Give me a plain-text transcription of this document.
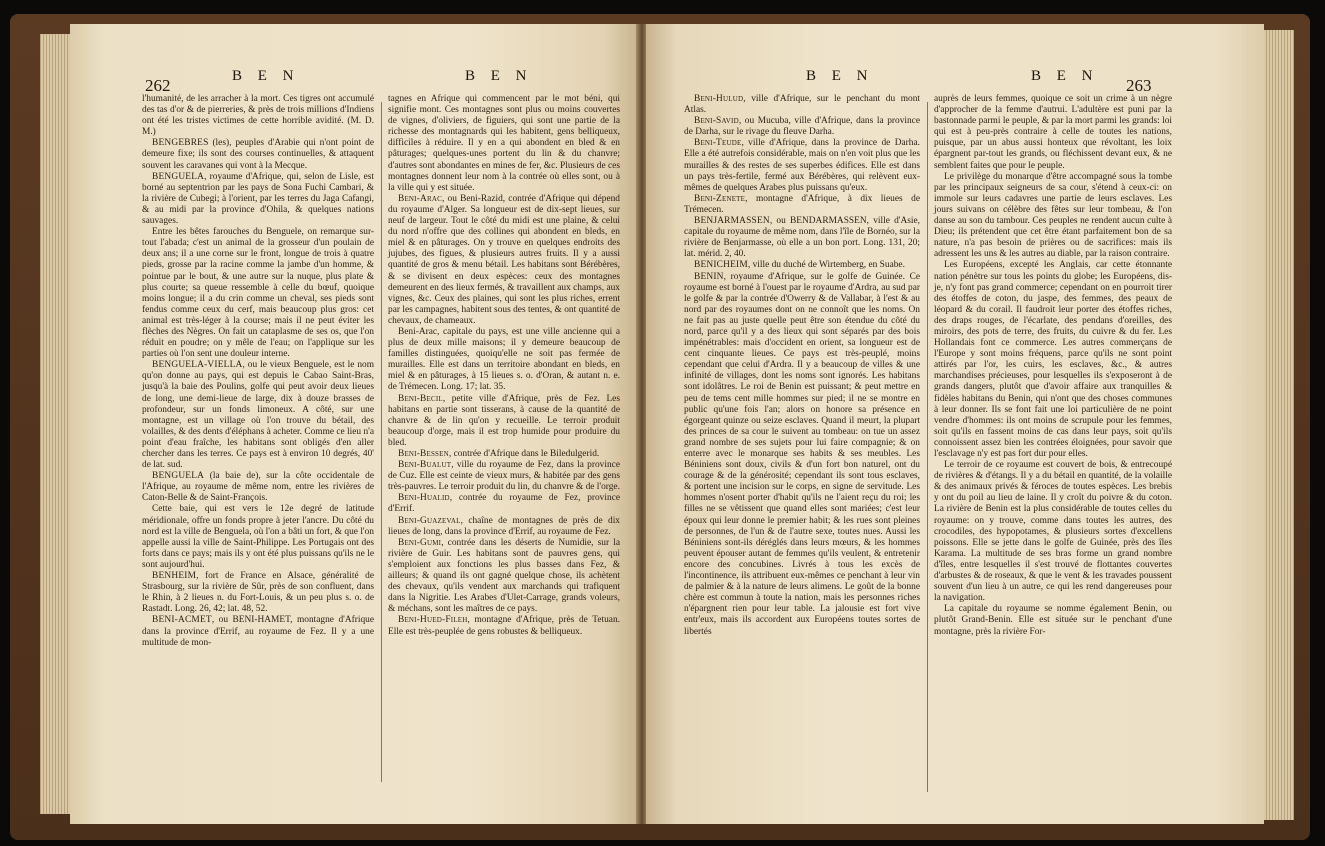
262	B E N	B E N

l'humanité, de les arracher à la mort. Ces tigres ont accumulé des tas d'or & de pierreries, & près de trois millions d'Indiens ont été les tristes victimes de cette horrible avidité. (M. D. M.)

BENGEBRES (les), peuples d'Arabie qui n'ont point de demeure fixe; ils sont des courses continuelles, & attaquent souvent les caravanes qui vont à la Mecque.

BENGUELA, royaume d'Afrique, qui, selon de Lisle, est borné au septentrion par les pays de Sona Fuchi Cambari, & la rivière de Cubegi; à l'orient, par les terres du Jaga Cafangi, & au midi par la province d'Ohila, & quelques nations sauvages.

Entre les bêtes farouches du Benguele, on remarque sur-tout l'abada; c'est un animal de la grosseur d'un poulain de deux ans; il a une corne sur le front, longue de trois à quatre pieds, grosse par la racine comme la jambe d'un homme, & pointue par le bout, & une autre sur la nuque, plus plate & plus courte; sa queue ressemble à celle du bœuf, quoique moins longue; il a du crin comme un cheval, ses pieds sont fendus comme ceux du cerf, mais beaucoup plus gros: cet animal est très-léger à la course; mais il ne peut éviter les flèches des Nègres. On fait un cataplasme de ses os, que l'on réduit en poudre; on y mêle de l'eau; on l'applique sur les parties où l'on sent une douleur interne.

BENGUELA-VIELLA, ou le vieux Benguele, est le nom qu'on donne au pays, qui est depuis le Cabao Saint-Bras, jusqu'à la baie des Poulins, golfe qui peut avoir deux lieues de long, une demi-lieue de large, dix à douze brasses de profondeur, sur un fonds limoneux. A côté, sur une montagne, est un village où l'on trouve du bétail, des volailles, & des dents d'éléphans à acheter. Comme ce lieu n'a point d'eau fraîche, les habitans sont obligés d'en aller chercher dans les terres. Ce pays est à environ 10 degrés, 40' de lat. sud.

BENGUELA (la baie de), sur la côte occidentale de l'Afrique, au royaume de même nom, entre les rivières de Caton-Belle & de Saint-François.

Cette baie, qui est vers le 12e degré de latitude méridionale, offre un fonds propre à jeter l'ancre. Du côté du nord est la ville de Benguela, où l'on a bâti un fort, & que l'on appelle aussi la ville de Saint-Philippe. Les Portugais ont des forts dans ce pays; mais ils y ont été plus puissans qu'ils ne le sont aujourd'hui.

BENHEIM, fort de France en Alsace, généralité de Strasbourg, sur la rivière de Sûr, près de son confluent, dans le Rhin, à 2 lieues n. du Fort-Louis, & un peu plus s. o. de Rastadt. Long. 26, 42; lat. 48, 52.

BENI-ACMET, ou BENI-HAMET, montagne d'Afrique dans la province d'Errif, au royaume de Fez. Il y a une multitude de mon-

tagnes en Afrique qui commencent par le mot béni, qui signifie mont. Ces montagnes sont plus ou moins couvertes de vignes, d'oliviers, de figuiers, qui sont une partie de la richesse des montagnards qui les habitent, gens belliqueux, difficiles à réduire. Il y en a qui abondent en bled & en pâturages; quelques-unes portent du lin & du chanvre; d'autres sont abondantes en mines de fer, &c. Plusieurs de ces montagnes donnent leur nom à la contrée où elles sont, ou à la ville qui y est située.

Beni-Arac, ou Beni-Razid, contrée d'Afrique qui dépend du royaume d'Alger. Sa longueur est de dix-sept lieues, sur neuf de largeur. Tout le côté du midi est une plaine, & celui du nord n'offre que des collines qui abondent en bleds, en miel & en pâturages. On y trouve en quelques endroits des jujubes, des figues, & plusieurs autres fruits. Il y a aussi quantité de gros & menu bétail. Les habitans sont Bérébères, & se divisent en deux espèces: ceux des montagnes demeurent en des lieux fermés, & travaillent aux champs, aux vignes, &c. Ceux des plaines, qui sont les plus riches, errent par les campagnes, habitent sous des tentes, & ont quantité de chevaux, de chameaux.

Beni-Arac, capitale du pays, est une ville ancienne qui a plus de deux mille maisons; il y demeure beaucoup de familles distinguées, quoiqu'elle ne soit pas fermée de murailles. Elle est dans un territoire abondant en bleds, en miel & en pâturages, à 15 lieues s. o. d'Oran, & autant n. e. de Trémecen. Long. 17; lat. 35.

Beni-Becil, petite ville d'Afrique, près de Fez. Les habitans en partie sont tisserans, à cause de la quantité de chanvre & de lin qu'on y recueille. Le terroir produit beaucoup d'orge, mais il est trop humide pour produire du bled.

Beni-Bessen, contrée d'Afrique dans le Biledulgerid.

Beni-Bualut, ville du royaume de Fez, dans la province de Cuz. Elle est ceinte de vieux murs, & habitée par des gens très-pauvres. Le terroir produit du lin, du chanvre & de l'orge.

Beni-Hualid, contrée du royaume de Fez, province d'Errif.

Beni-Guazeval, chaîne de montagnes de près de dix lieues de long, dans la province d'Errif, au royaume de Fez.

Beni-Gumi, contrée dans les déserts de Numidie, sur la rivière de Guir. Les habitans sont de pauvres gens, qui s'emploient aux fonctions les plus basses dans Fez, & ailleurs; & quand ils ont gagné quelque chose, ils achètent des chevaux, qu'ils vendent aux marchands qui trafiquent dans la Nigritie. Les Arabes d'Ulet-Carrage, grands voleurs, & méchans, sont les maîtres de ce pays.

Beni-Hued-Fileh, montagne d'Afrique, près de Tetuan. Elle est très-peuplée de gens robustes & belliqueux.

B E N	B E N 263

Beni-Hulud, ville d'Afrique, sur le penchant du mont Atlas.

Beni-Savid, ou Mucuba, ville d'Afrique, dans la province de Darha, sur le rivage du fleuve Darha.

Beni-Teude, ville d'Afrique, dans la province de Darha. Elle a été autrefois considérable, mais on n'en voit plus que les murailles & des restes de ses superbes édifices. Elle est dans un pays très-fertile, fermé aux Bérébères, qui relèvent eux-mêmes de quelques Arabes plus puissans qu'eux.

Beni-Zenete, montagne d'Afrique, à dix lieues de Trémecen.

BENJARMASSEN, ou BENDARMASSEN, ville d'Asie, capitale du royaume de même nom, dans l'île de Bornéo, sur la rivière de Benjarmasse, où elle a un bon port. Long. 131, 20; lat. mérid. 2, 40.

BENICHEIM, ville du duché de Wirtemberg, en Suabe.

BENIN, royaume d'Afrique, sur le golfe de Guinée. Ce royaume est borné à l'ouest par le royaume d'Ardra, au sud par le golfe & par la contrée d'Owerry & de Vallabar, à l'est & au nord par des royaumes dont on ne connoît que les noms. On ne fait pas au juste quelle peut être son étendue du côté du nord, parce qu'il y a des lieux qui sont séparés par des bois impénétrables: mais d'occident en orient, sa longueur est de cent cinquante lieues. Ce pays est très-peuplé, moins cependant que celui d'Ardra. Il y a beaucoup de villes & une infinité de villages, dont les noms sont ignorés. Les habitans sont idolâtres. Le roi de Benin est puissant; & peut mettre en peu de tems cent mille hommes sur pied; il ne se montre en public qu'une fois l'an; alors on honore sa présence en égorgeant quinze ou seize esclaves. Quand il meurt, la plupart des princes de sa cour le suivent au tombeau: on tue un assez grand nombre de ses sujets pour lui faire compagnie; & on enterre avec le monarque ses habits & ses meubles. Les Béniniens sont doux, civils & d'un fort bon naturel, ont du courage & de la générosité; cependant ils sont tous esclaves, & portent une incision sur le corps, en signe de servitude. Les hommes n'osent porter d'habit qu'ils ne l'aient reçu du roi; les filles ne se vêtissent que quand elles sont mariées; c'est leur époux qui leur donne le premier habit; & les rues sont pleines de personnes, de l'un & de l'autre sexe, toutes nues. Aussi les Béniniens sont-ils déréglés dans leurs mœurs, & les hommes peuvent épouser autant de femmes qu'ils veulent, & entretenir encore des concubines. Livrés à tous les excès de l'incontinence, ils attribuent eux-mêmes ce penchant à leur vin de palmier & à la nature de leurs alimens. Le goût de la bonne chère est commun à toute la nation, mais les personnes riches n'épargnent rien pour leur table. La jalousie est fort vive entr'eux, mais ils accordent aux Européens toutes sortes de libertés

auprès de leurs femmes, quoique ce soit un crime à un nègre d'approcher de la femme d'autrui. L'adultère est puni par la bastonnade parmi le peuple, & par la mort parmi les grands: loi qui est à peu-près contraire à celle de toutes les nations, puisque, par un abus aussi honteux que révoltant, les loix épargnent par-tout les grands, ou fléchissent devant eux, & ne semblent faites que pour le peuple.

Le privilège du monarque d'être accompagné sous la tombe par les principaux seigneurs de sa cour, s'étend à ceux-ci: on immole sur leurs cadavres une partie de leurs esclaves. Les jours suivans on célèbre des fêtes sur leur tombeau, & l'on danse au son du tambour. Ces peuples ne rendent aucun culte à Dieu; ils prétendent que cet être étant parfaitement bon de sa nature, n'a pas besoin de prières ou de sacrifices: mais ils adressent les uns & les autres au diable, par la raison contraire.

Les Européens, excepté les Anglais, car cette étonnante nation pénètre sur tous les points du globe; les Européens, dis-je, n'y font pas grand commerce; cependant on en pourroit tirer des étoffes de coton, du jaspe, des femmes, des peaux de léopard & du corail. Il faudroit leur porter des étoffes riches, des draps rouges, de l'écarlate, des pendans d'oreilles, des miroirs, des pots de terre, des fruits, du cuivre & du fer. Les Hollandais font ce commerce. Les autres commerçans de l'Europe y sont moins fréquens, parce qu'ils ne sont point attirés par l'or, les cuirs, les esclaves, &c., & autres marchandises précieuses, pour lesquelles ils s'exposeront à de grands dangers, plutôt que d'avoir affaire aux tranquilles & fidèles habitans du Benin, qui n'ont que des choses communes à leur donner. Ils se font fait une loi particulière de ne point vendre d'hommes: ils ont moins de scrupule pour les femmes, soit qu'ils en fassent moins de cas dans leur pays, soit qu'ils connoissent assez bien les contrées éloignées, pour savoir que l'esclavage n'y est pas fort dur pour elles.

Le terroir de ce royaume est couvert de bois, & entrecoupé de rivières & d'étangs. Il y a du bétail en quantité, de la volaille & des animaux privés & féroces de toutes espèces. Les brebis y ont du poil au lieu de laine. Il y croît du poivre & du coton. La rivière de Benin est la plus considérable de toutes celles du royaume: on y trouve, comme dans toutes les autres, des crocodiles, des hypopotames, & plusieurs sortes d'excellens poissons. Elle se jette dans le golfe de Guinée, près des îles Karama. La multitude de ses bras forme un grand nombre d'îles, entre lesquelles il s'est trouvé de flottantes couvertes d'arbustes & de roseaux, & que le vent & les travades poussent souvent d'un lieu à un autre, ce qui les rend dangereuses pour la navigation.

La capitale du royaume se nomme également Benin, ou plutôt Grand-Benin. Elle est située sur le penchant d'une montagne, près la rivière For-
